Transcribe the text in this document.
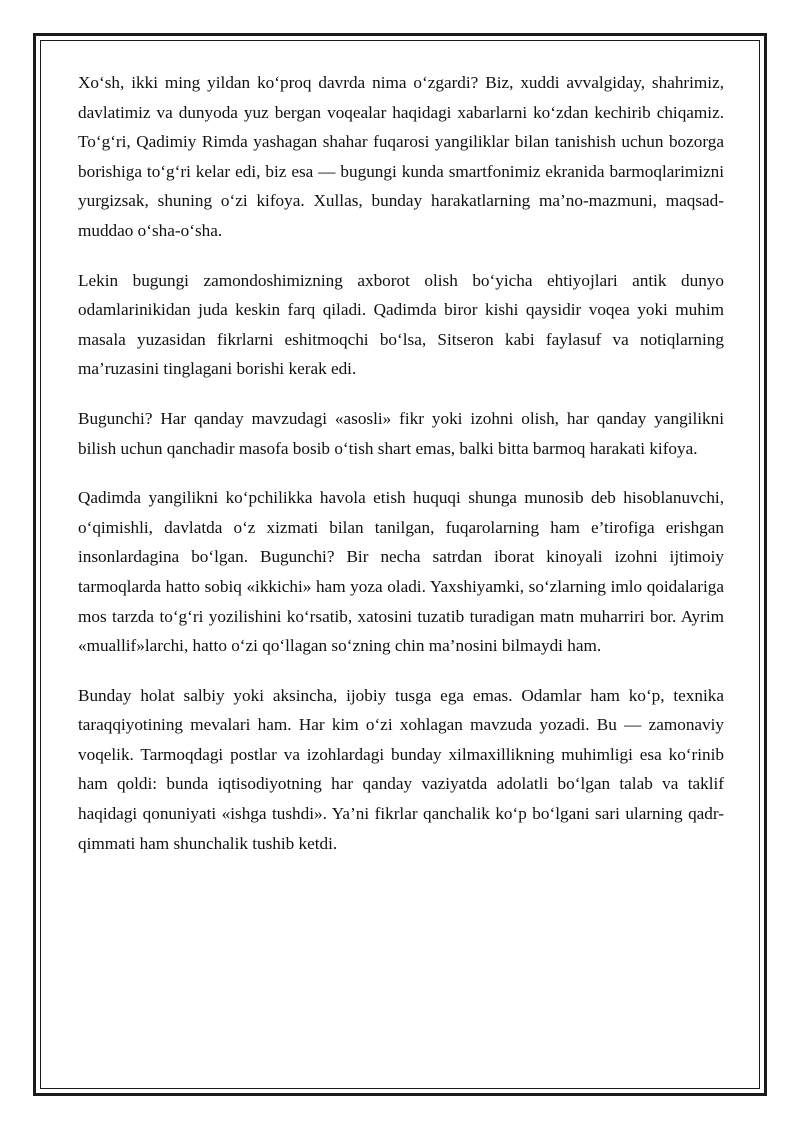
Xo‘sh, ikki ming yildan ko‘proq davrda nima o‘zgardi? Biz, xuddi avvalgiday, shahrimiz, davlatimiz va dunyoda yuz bergan voqealar haqidagi xabarlarni ko‘zdan kechirib chiqamiz. To‘g‘ri, Qadimiy Rimda yashagan shahar fuqarosi yangiliklar bilan tanishish uchun bozorga borishiga to‘g‘ri kelar edi, biz esa — bugungi kunda smartfonimiz ekranida barmoqlarimizni yurgizsak, shuning o‘zi kifoya. Xullas, bunday harakatlarning ma’no-mazmuni, maqsad-muddao o‘sha-o‘sha.

Lekin bugungi zamondoshimizning axborot olish bo‘yicha ehtiyojlari antik dunyo odamlarinikidan juda keskin farq qiladi. Qadimda biror kishi qaysidir voqea yoki muhim masala yuzasidan fikrlarni eshitmoqchi bo‘lsa, Sitseron kabi faylasuf va notiqlarning ma’ruzasini tinglagani borishi kerak edi.

Bugunchi? Har qanday mavzudagi «asosli» fikr yoki izohni olish, har qanday yangilikni bilish uchun qanchadir masofa bosib o‘tish shart emas, balki bitta barmoq harakati kifoya.

Qadimda yangilikni ko‘pchilikka havola etish huquqi shunga munosib deb hisoblanuvchi, o‘qimishli, davlatda o‘z xizmati bilan tanilgan, fuqarolarning ham e’tirofiga erishgan insonlardagina bo‘lgan. Bugunchi? Bir necha satrdan iborat kinoyali izohni ijtimoiy tarmoqlarda hatto sobiq «ikkichi» ham yoza oladi. Yaxshiyamki, so‘zlarning imlo qoidalariga mos tarzda to‘g‘ri yozilishini ko‘rsatib, xatosini tuzatib turadigan matn muharriri bor. Ayrim «muallif»larchi, hatto o‘zi qo‘llagan so‘zning chin ma’nosini bilmaydi ham.

Bunday holat salbiy yoki aksincha, ijobiy tusga ega emas. Odamlar ham ko‘p, texnika taraqqiyotining mevalari ham. Har kim o‘zi xohlagan mavzuda yozadi. Bu — zamonaviy voqelik. Tarmoqdagi postlar va izohlardagi bunday xilmaxillikning muhimligi esa ko‘rinib ham qoldi: bunda iqtisodiyotning har qanday vaziyatda adolatli bo‘lgan talab va taklif haqidagi qonuniyati «ishga tushdi». Ya’ni fikrlar qanchalik ko‘p bo‘lgani sari ularning qadr-qimmati ham shunchalik tushib ketdi.
